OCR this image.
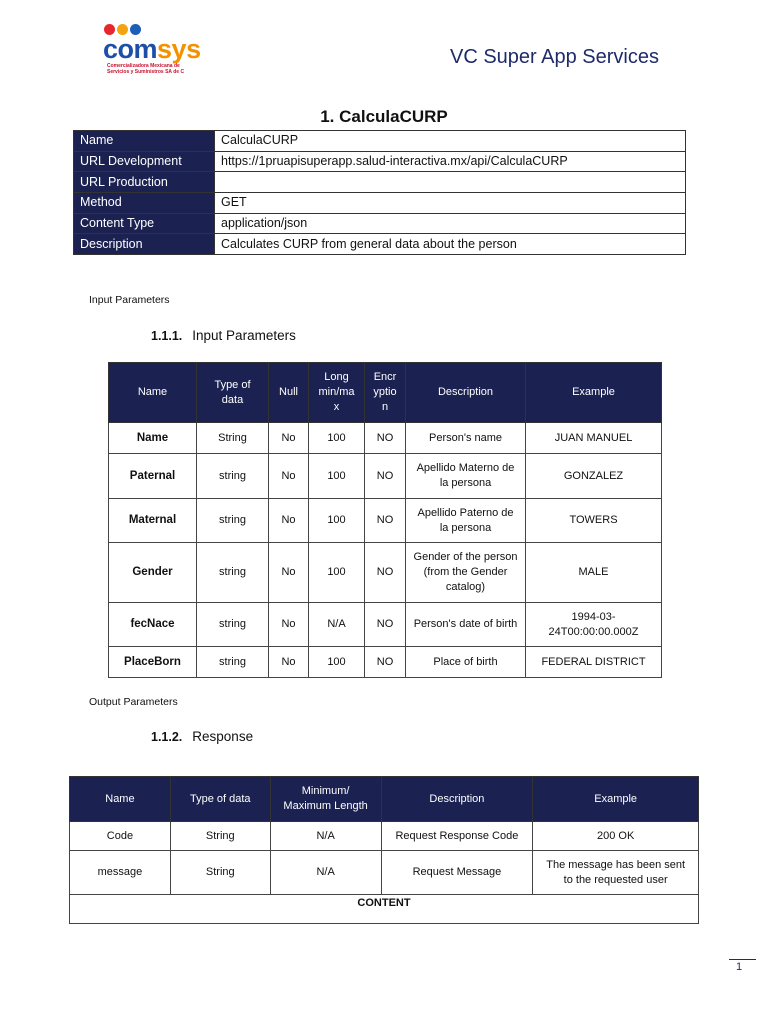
comsys
Comercializadora Mexicana de
Servicios y Suministros SA de C
VC Super App Services
1. CalculaCURP
Name	CalculaCURP
URL Development	https://1pruapisuperapp.salud-interactiva.mx/api/CalculaCURP
URL Production	
Method	GET
Content Type	application/json
Description	Calculates CURP from general data about the person
Input Parameters
1.1.1. Input Parameters
Name	Type of
data	Null	Long
min/ma
x	Encr
yptio
n	Description	Example
Name	String	No	100	NO	Person's name	JUAN MANUEL
Paternal	string	No	100	NO	Apellido Materno de
la persona	GONZALEZ
Maternal	string	No	100	NO	Apellido Paterno de
la persona	TOWERS
Gender	string	No	100	NO	Gender of the person
(from the Gender
catalog)	MALE
fecNace	string	No	N/A	NO	Person's date of birth	1994-03-
24T00:00:00.000Z
PlaceBorn	string	No	100	NO	Place of birth	FEDERAL DISTRICT
Output Parameters
1.1.2. Response
Name	Type of data	Minimum/
Maximum Length	Description	Example
Code	String	N/A	Request Response Code	200 OK
message	String	N/A	Request Message	The message has been sent
to the requested user
CONTENT				
1
